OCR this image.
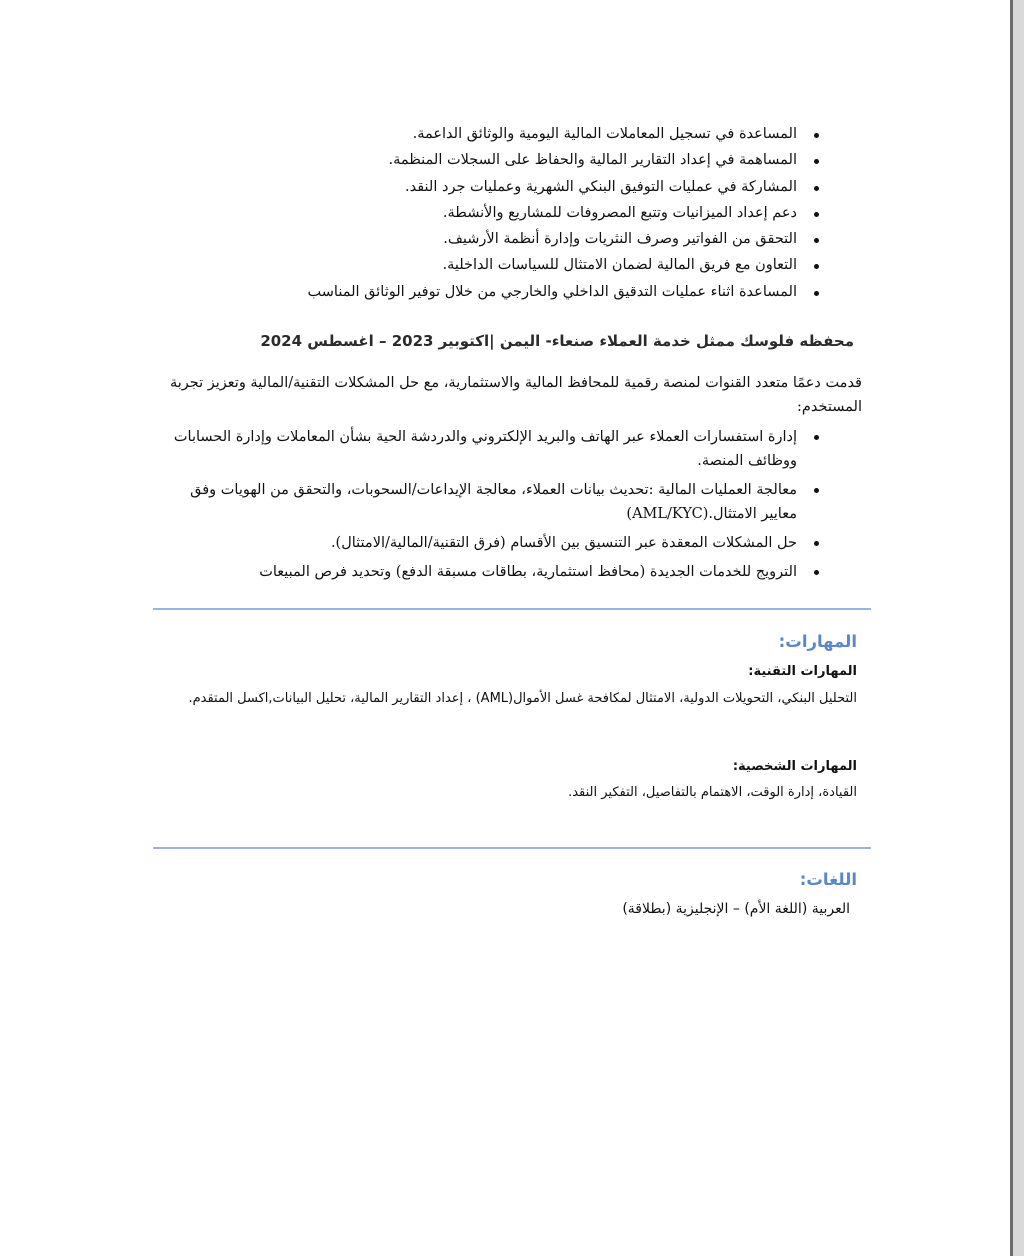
المساعدة في تسجيل المعاملات المالية اليومية والوثائق الداعمة.
المساهمة في إعداد التقارير المالية والحفاظ على السجلات المنظمة.
المشاركة في عمليات التوفيق البنكي الشهرية وعمليات جرد النقد.
دعم إعداد الميزانيات وتتبع المصروفات للمشاريع والأنشطة.
التحقق من الفواتير وصرف النثريات وإدارة أنظمة الأرشيف.
التعاون مع فريق المالية لضمان الامتثال للسياسات الداخلية.
المساعدة اثناء عمليات التدقيق الداخلي والخارجي من خلال توفير الوثائق المناسب
محفظه فلوسك ممثل خدمة العملاء صنعاء- اليمن |اكتوبير 2023 – اغسطس 2024
قدمت دعمًا متعدد القنوات لمنصة رقمية للمحافظ المالية والاستثمارية، مع حل المشكلات التقنية/المالية وتعزيز تجربة المستخدم:
إدارة استفسارات العملاء عبر الهاتف والبريد الإلكتروني والدردشة الحية بشأن المعاملات وإدارة الحسابات ووظائف المنصة.
معالجة العمليات المالية :تحديث بيانات العملاء، معالجة الإيداعات/السحوبات، والتحقق من الهويات وفق معايير الامتثال.(AML/KYC)
حل المشكلات المعقدة عبر التنسيق بين الأقسام (فرق التقنية/المالية/الامتثال).
الترويج للخدمات الجديدة (محافظ استثمارية، بطاقات مسبقة الدفع) وتحديد فرص المبيعات
المهارات:
المهارات التقنية:
التحليل البنكي، التحويلات الدولية، الامتثال لمكافحة غسل الأموال(AML) ، إعداد التقارير المالية، تحليل البيانات,اكسل المتقدم.
المهارات الشخصية:
القيادة، إدارة الوقت، الاهتمام بالتفاصيل، التفكير النقد.
اللغات:
العربية (اللغة الأم) – الإنجليزية (بطلاقة)
